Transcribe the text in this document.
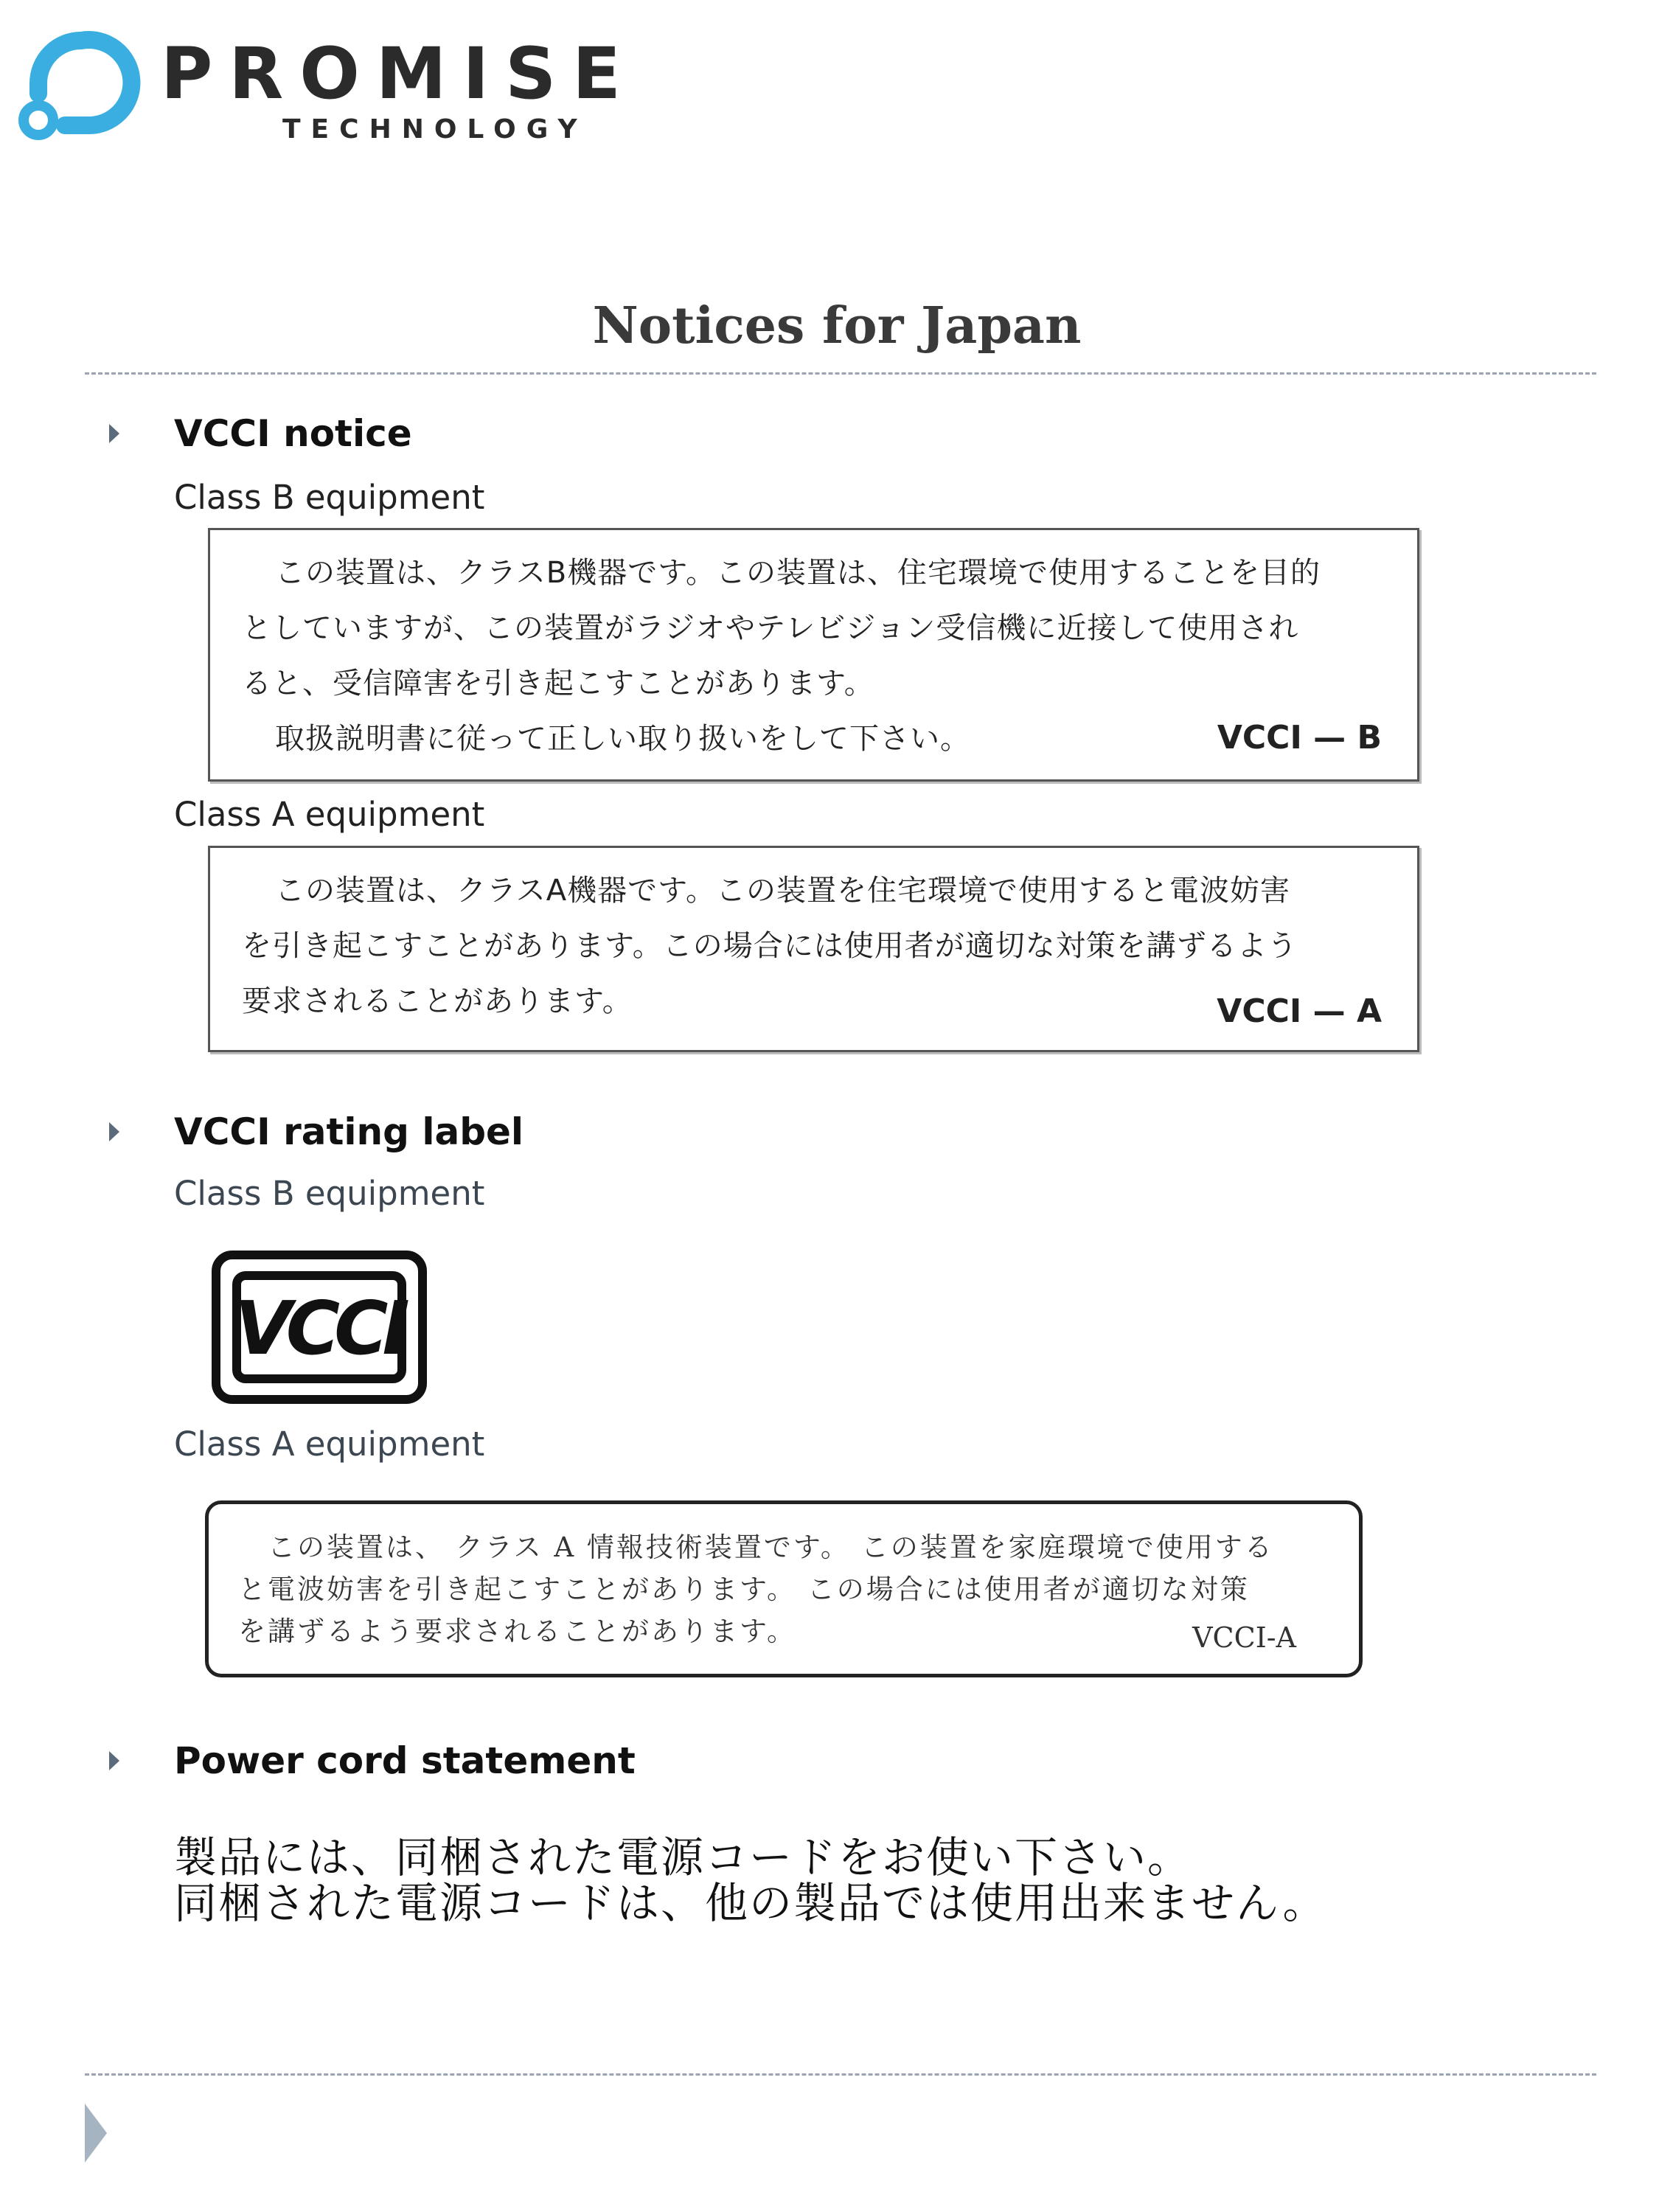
PROMISE
TECHNOLOGY
Notices for Japan
VCCI notice
Class B equipment
この装置は、クラスB機器です。この装置は、住宅環境で使用することを目的
としていますが、この装置がラジオやテレビジョン受信機に近接して使用され
ると、受信障害を引き起こすことがあります。
取扱説明書に従って正しい取り扱いをして下さい。	VCCI — B
Class A equipment
この装置は、クラスA機器です。この装置を住宅環境で使用すると電波妨害
を引き起こすことがあります。この場合には使用者が適切な対策を講ずるよう
要求されることがあります。	VCCI — A
VCCI rating label
Class B equipment
VCCI
Class A equipment
この装置は、 クラス A 情報技術装置です。 この装置を家庭環境で使用する
と電波妨害を引き起こすことがあります。 この場合には使用者が適切な対策
を講ずるよう要求されることがあります。	VCCI-A
Power cord statement
製品には、同梱された電源コードをお使い下さい。
同梱された電源コードは、他の製品では使用出来ません。
